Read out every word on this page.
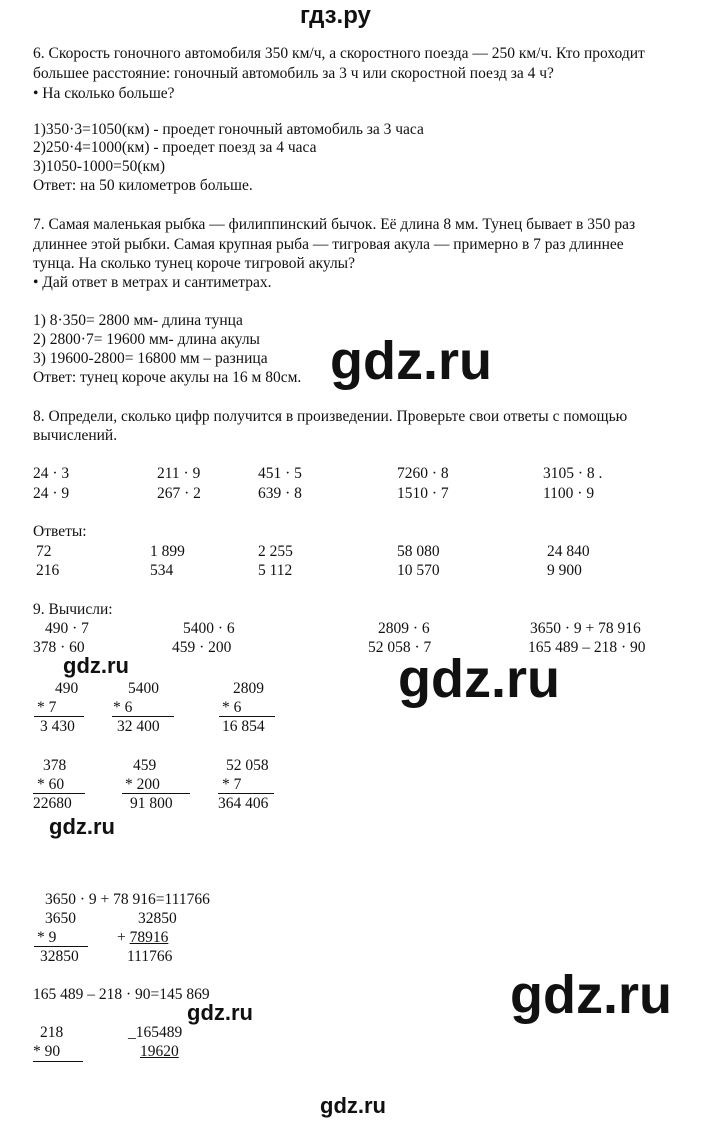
гдз.ру
6. Скорость гоночного автомобиля 350 км/ч, а скоростного поезда — 250 км/ч. Кто проходит
большее расстояние: гоночный автомобиль за 3 ч или скоростной поезд за 4 ч?
• На сколько больше?
1)350·3=1050(км) - проедет гоночный автомобиль за 3 часа
2)250·4=1000(км) - проедет поезд за 4 часа
3)1050-1000=50(км)
Ответ: на 50 километров больше.
7. Самая маленькая рыбка — филиппинский бычок. Её длина 8 мм. Тунец бывает в 350 раз
длиннее этой рыбки. Самая крупная рыба — тигровая акула — примерно в 7 раз длиннее
тунца. На сколько тунец короче тигровой акулы?
• Дай ответ в метрах и сантиметрах.
1) 8·350= 2800 мм- длина тунца
2) 2800·7= 19600 мм- длина акулы
3) 19600-2800= 16800 мм – разница
Ответ: тунец короче акулы на 16 м 80см.
8. Определи, сколько цифр получится в произведении. Проверьте свои ответы с помощью
вычислений.
24 · 3	211 · 9	451 · 5	7260 · 8	3105 · 8 .
24 · 9	267 · 2	639 · 8	1510 · 7	1100 · 9
Ответы:
72	1 899	2 255	58 080	24 840
216	534	5 112	10 570	9 900
9. Вычисли:
490 · 7	5400 · 6	2809 · 6	3650 · 9 + 78 916
378 · 60	459 · 200	52 058 · 7	165 489 – 218 · 90
490
* 7
3 430
5400
* 6
32 400
2809
* 6
16 854
378
* 60
22680
459
* 200
91 800
52 058
* 7
364 406
3650 · 9 + 78 916=111766
3650
* 9
32850
32850
+ 78916
111766
165 489 – 218 · 90=145 869
218
* 90
_165489
19620
gdz.ru
gdz.ru	gdz.ru
gdz.ru
gdz.ru
gdz.ru
gdz.ru
